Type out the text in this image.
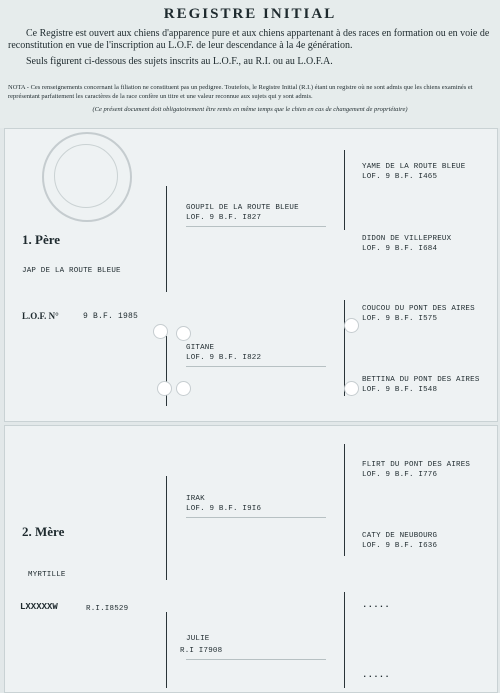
REGISTRE INITIAL

Ce Registre est ouvert aux chiens d'apparence pure et aux chiens appartenant à des races en formation ou en voie de reconstitution en vue de l'inscription au L.O.F. de leur descendance à la 4e génération.

Seuls figurent ci-dessous des sujets inscrits au L.O.F., au R.I. ou au L.O.F.A.

NOTA - Ces renseignements concernant la filiation ne constituent pas un pedigree. Toutefois, le Registre Initial (R.I.) étant un registre où ne sont admis que les chiens examinés et représentant parfaitement les caractères de la race confère un titre et une valeur reconnue aux sujets qui y sont admis.
(Ce présent document doit obligatoirement être remis en même temps que le chien en cas de changement de propriétaire)
1. Père
JAP DE LA ROUTE BLEUE
L.O.F. N°	9 B.F. 1985
GOUPIL DE LA ROUTE BLEUE
LOF. 9 B.F. I827
GITANE
LOF. 9 B.F. I822
YAME DE LA ROUTE BLEUE
LOF. 9 B.F. I465
DIDON DE VILLEPREUX
LOF. 9 B.F. I684
COUCOU DU PONT DES AIRES
LOF. 9 B.F. I575
BETTINA DU PONT DES AIRES
LOF. 9 B.F. I548
2. Mère
MYRTILLE
LXXXXXW	R.I.I8529
IRAK
LOF. 9 B.F. I9I6
JULIE
R.I I7908
FLIRT DU PONT DES AIRES
LOF. 9 B.F. I776
CATY DE NEUBOURG
LOF. 9 B.F. I636
.....
.....
